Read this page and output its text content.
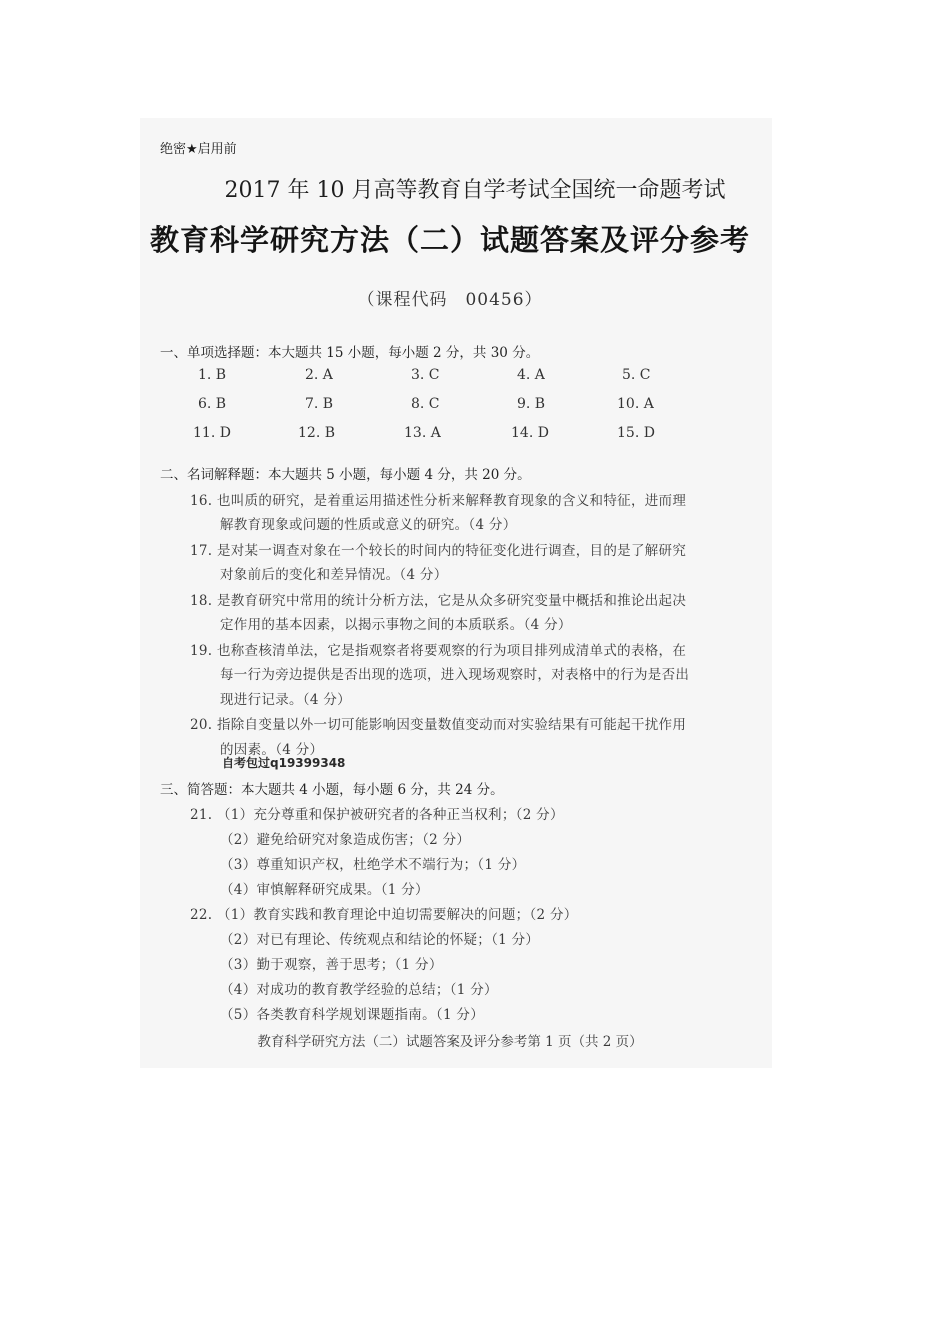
绝密★启用前
2017 年 10 月高等教育自学考试全国统一命题考试
教育科学研究方法（二）试题答案及评分参考
（课程代码　00456）
一、单项选择题：本大题共 15 小题，每小题 2 分，共 30 分。
1. B	2. A	3. C	4. A	5. C
6. B	7. B	8. C	9. B	10. A
11. D	12. B	13. A	14. D	15. D
二、名词解释题：本大题共 5 小题，每小题 4 分，共 20 分。
16. 也叫质的研究，是着重运用描述性分析来解释教育现象的含义和特征，进而理
解教育现象或问题的性质或意义的研究。（4 分）
17. 是对某一调查对象在一个较长的时间内的特征变化进行调查，目的是了解研究
对象前后的变化和差异情况。（4 分）
18. 是教育研究中常用的统计分析方法，它是从众多研究变量中概括和推论出起决
定作用的基本因素，以揭示事物之间的本质联系。（4 分）
19. 也称查核清单法，它是指观察者将要观察的行为项目排列成清单式的表格，在
每一行为旁边提供是否出现的选项，进入现场观察时，对表格中的行为是否出
现进行记录。（4 分）
20. 指除自变量以外一切可能影响因变量数值变动而对实验结果有可能起干扰作用
的因素。（4 分）
自考包过q19399348
三、简答题：本大题共 4 小题，每小题 6 分，共 24 分。
21. （1）充分尊重和保护被研究者的各种正当权利；（2 分）
（2）避免给研究对象造成伤害；（2 分）
（3）尊重知识产权，杜绝学术不端行为；（1 分）
（4）审慎解释研究成果。（1 分）
22. （1）教育实践和教育理论中迫切需要解决的问题；（2 分）
（2）对已有理论、传统观点和结论的怀疑；（1 分）
（3）勤于观察，善于思考；（1 分）
（4）对成功的教育教学经验的总结；（1 分）
（5）各类教育科学规划课题指南。（1 分）
教育科学研究方法（二）试题答案及评分参考第 1 页（共 2 页）
